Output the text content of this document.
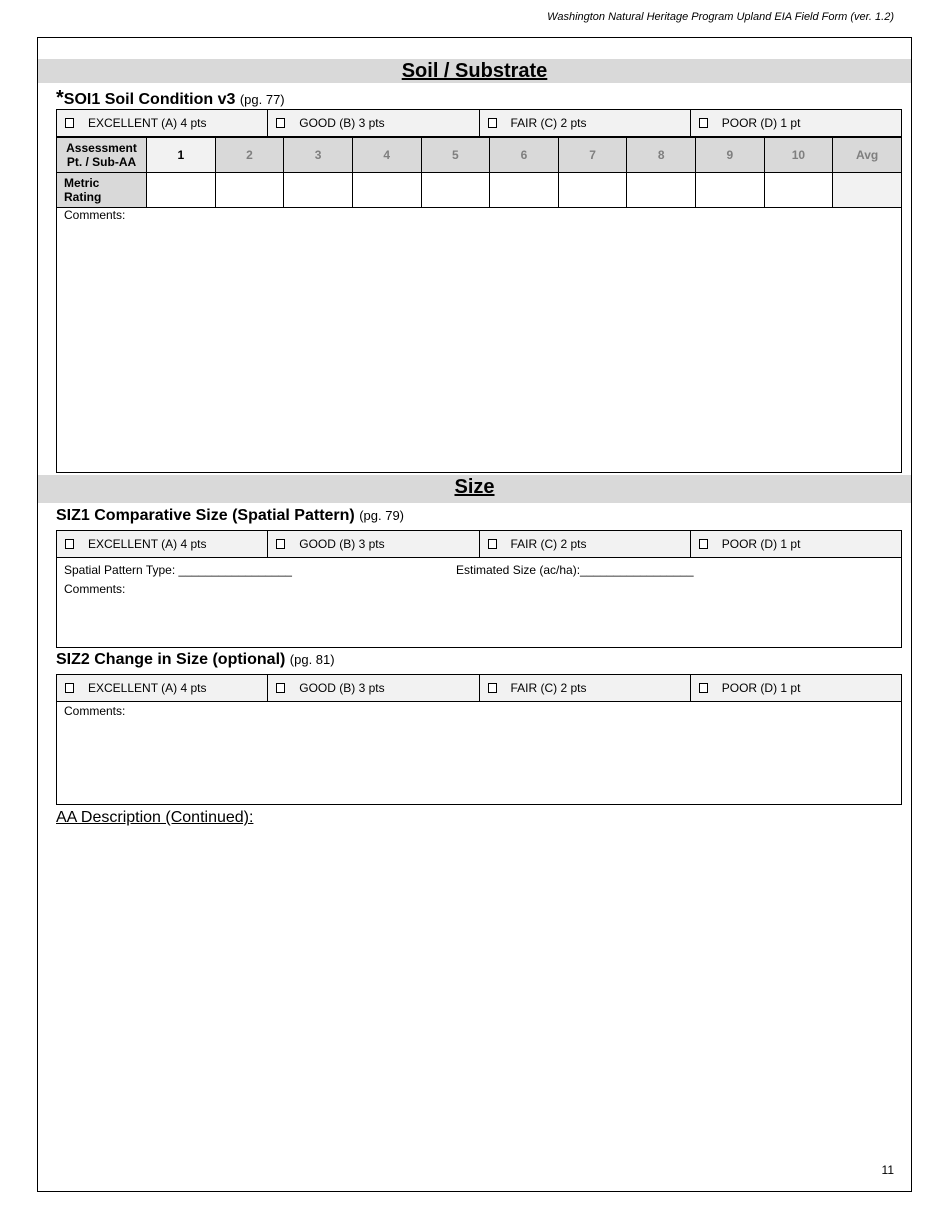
Washington Natural Heritage Program Upland EIA Field Form (ver. 1.2)
Soil / Substrate
*SOI1 Soil Condition v3 (pg. 77)
EXCELLENT (A) 4 pts	GOOD (B) 3 pts	FAIR (C) 2 pts	POOR (D) 1 pt
Assessment
Pt. / Sub-AA	1	2	3	4	5	6	7	8	9	10	Avg

Metric
Rating											

Comments:
Size
SIZ1 Comparative Size (Spatial Pattern) (pg. 79)
EXCELLENT (A) 4 pts	GOOD (B) 3 pts	FAIR (C) 2 pts	POOR (D) 1 pt
Spatial Pattern Type: _________________	Estimated Size (ac/ha):_________________
Comments:
SIZ2 Change in Size (optional) (pg. 81)
EXCELLENT (A) 4 pts	GOOD (B) 3 pts	FAIR (C) 2 pts	POOR (D) 1 pt
Comments:
AA Description (Continued):
11
